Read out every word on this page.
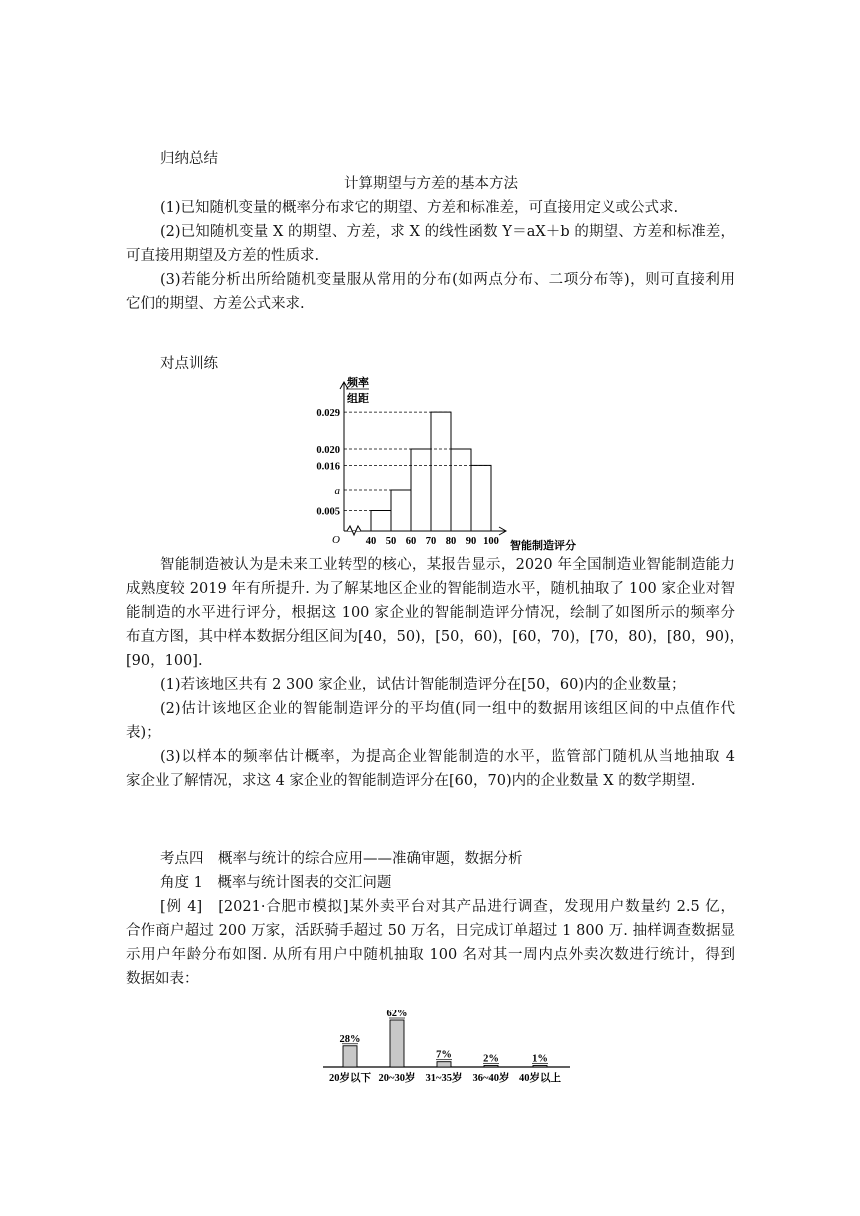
归纳总结
计算期望与方差的基本方法
(1)已知随机变量的概率分布求它的期望、方差和标准差，可直接用定义或公式求.
(2)已知随机变量 X 的期望、方差，求 X 的线性函数 Y＝aX＋b 的期望、方差和标准差，
可直接用期望及方差的性质求.
(3)若能分析出所给随机变量服从常用的分布(如两点分布、二项分布等)，则可直接利用
它们的期望、方差公式来求.
对点训练
频率
组距
0.005
a
0.016
0.020
0.029
O 40 50 60 70 80 90 100 智能制造评分
智能制造被认为是未来工业转型的核心，某报告显示，2020 年全国制造业智能制造能力
成熟度较 2019 年有所提升. 为了解某地区企业的智能制造水平，随机抽取了 100 家企业对智
能制造的水平进行评分，根据这 100 家企业的智能制造评分情况，绘制了如图所示的频率分
布直方图，其中样本数据分组区间为[40，50)，[50，60)，[60，70)，[70，80)，[80，90)，
[90，100].
(1)若该地区共有 2 300 家企业，试估计智能制造评分在[50，60)内的企业数量；
(2)估计该地区企业的智能制造评分的平均值(同一组中的数据用该组区间的中点值作代
表)；
(3)以样本的频率估计概率，为提高企业智能制造的水平，监管部门随机从当地抽取 4
家企业了解情况，求这 4 家企业的智能制造评分在[60，70)内的企业数量 X 的数学期望.
考点四　概率与统计的综合应用——准确审题，数据分析
角度 1　概率与统计图表的交汇问题
[例 4]　[2021·合肥市模拟]某外卖平台对其产品进行调查，发现用户数量约 2.5 亿，
合作商户超过 200 万家，活跃骑手超过 50 万名，日完成订单超过 1 800 万. 抽样调查数据显
示用户年龄分布如图. 从所有用户中随机抽取 100 名对其一周内点外卖次数进行统计，得到
数据如表：
28%
20岁以下
62%
20~30岁
7%
31~35岁
2%
36~40岁
1%
40岁以上
